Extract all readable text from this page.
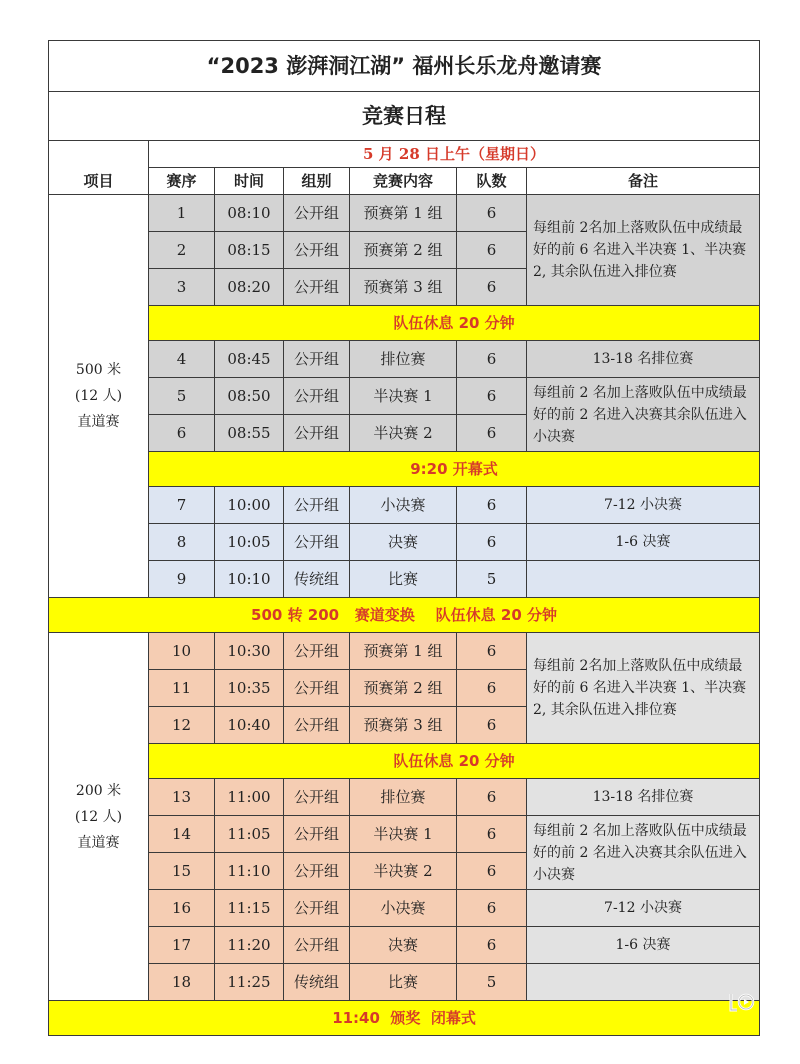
“2023 澎湃洞江湖” 福州长乐龙舟邀请赛						
竞赛日程						
	5 月 28 日上午（星期日）					
项目	赛序	时间	组别	竞赛内容	队数	备注
500 米
(12 人)
直道赛	1	08:10	公开组	预赛第 1 组	6	每组前 2名加上落败队伍中成绩最好的前 6 名进入半决赛 1、半决赛 2, 其余队伍进入排位赛
	2	08:15	公开组	预赛第 2 组	6	
	3	08:20	公开组	预赛第 3 组	6	
	队伍休息 20 分钟					
	4	08:45	公开组	排位赛	6	13-18 名排位赛
	5	08:50	公开组	半决赛 1	6	每组前 2 名加上落败队伍中成绩最好的前 2 名进入决赛其余队伍进入小决赛
	6	08:55	公开组	半决赛 2	6	
	9:20 开幕式					
	7	10:00	公开组	小决赛	6	7-12 小决赛
	8	10:05	公开组	决赛	6	1-6 决赛
	9	10:10	传统组	比赛	5	
500 转 200   赛道变换    队伍休息 20 分钟						
200 米
(12 人)
直道赛	10	10:30	公开组	预赛第 1 组	6	每组前 2名加上落败队伍中成绩最好的前 6 名进入半决赛 1、半决赛 2, 其余队伍进入排位赛
	11	10:35	公开组	预赛第 2 组	6	
	12	10:40	公开组	预赛第 3 组	6	
	队伍休息 20 分钟					
	13	11:00	公开组	排位赛	6	13-18 名排位赛
	14	11:05	公开组	半决赛 1	6	每组前 2 名加上落败队伍中成绩最好的前 2 名进入决赛其余队伍进入小决赛
	15	11:10	公开组	半决赛 2	6	
	16	11:15	公开组	小决赛	6	7-12 小决赛
	17	11:20	公开组	决赛	6	1-6 决赛
	18	11:25	传统组	比赛	5	
11:40  颁奖  闭幕式						
